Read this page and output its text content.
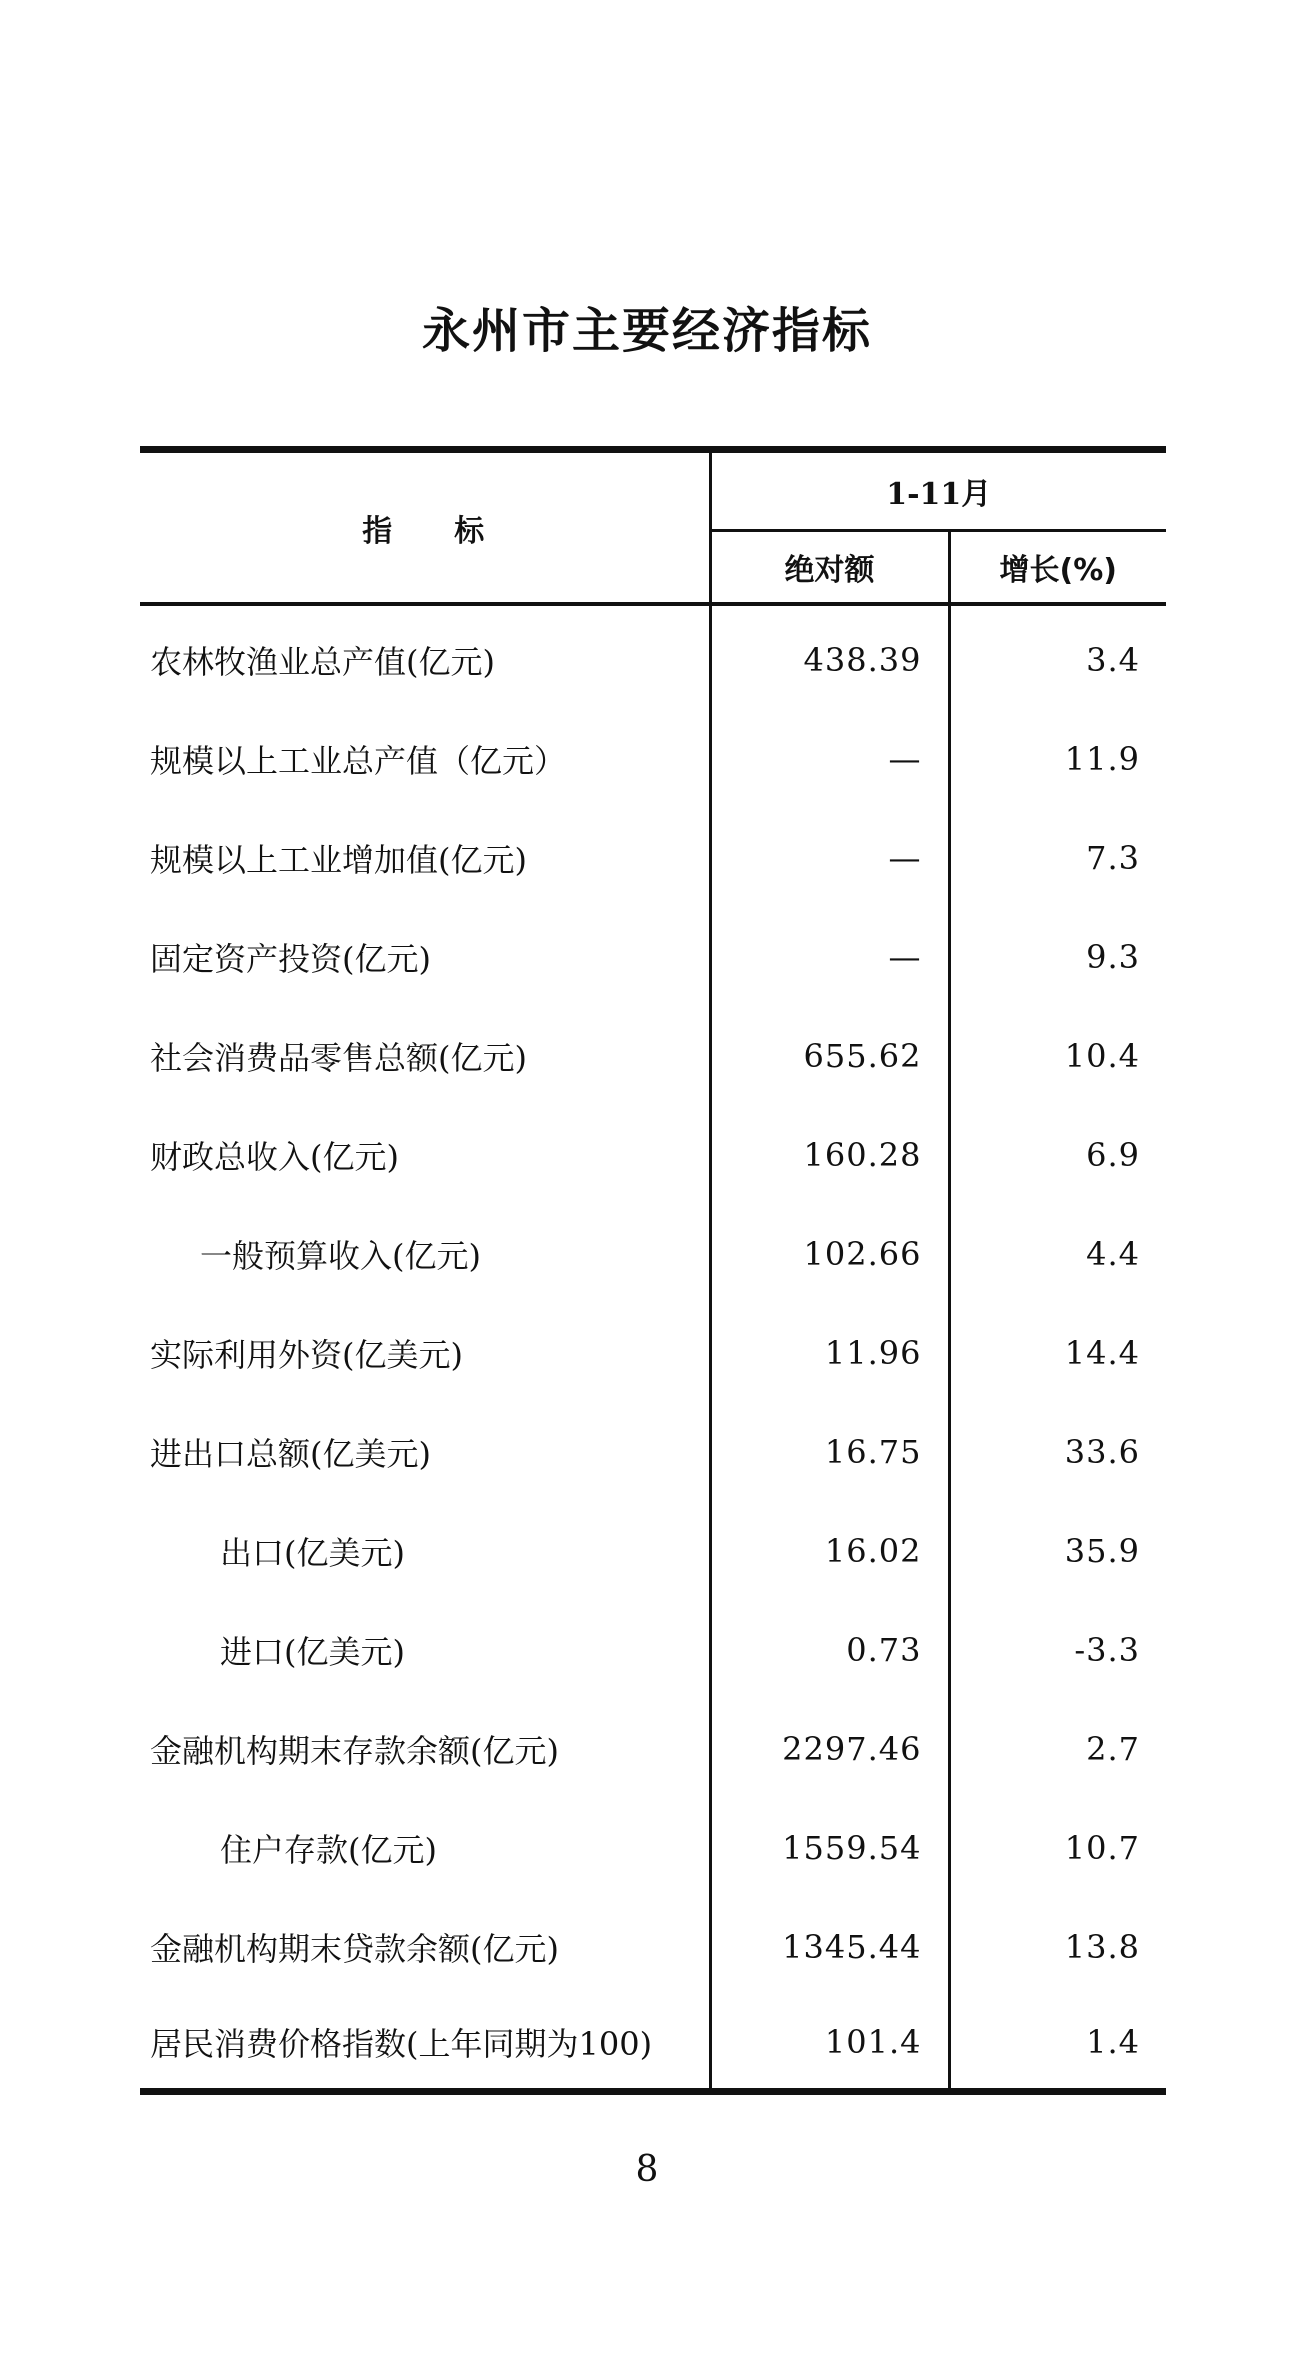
永州市主要经济指标
指 标	1-11月	
	绝对额	增长(%)
农林牧渔业总产值(亿元)	438.39	3.4
规模以上工业总产值（亿元）	—	11.9
规模以上工业增加值(亿元)	—	7.3
固定资产投资(亿元)	—	9.3
社会消费品零售总额(亿元)	655.62	10.4
财政总收入(亿元)	160.28	6.9
一般预算收入(亿元)	102.66	4.4
实际利用外资(亿美元)	11.96	14.4
进出口总额(亿美元)	16.75	33.6
出口(亿美元)	16.02	35.9
进口(亿美元)	0.73	-3.3
金融机构期末存款余额(亿元)	2297.46	2.7
住户存款(亿元)	1559.54	10.7
金融机构期末贷款余额(亿元)	1345.44	13.8
居民消费价格指数(上年同期为100)	101.4	1.4
8
